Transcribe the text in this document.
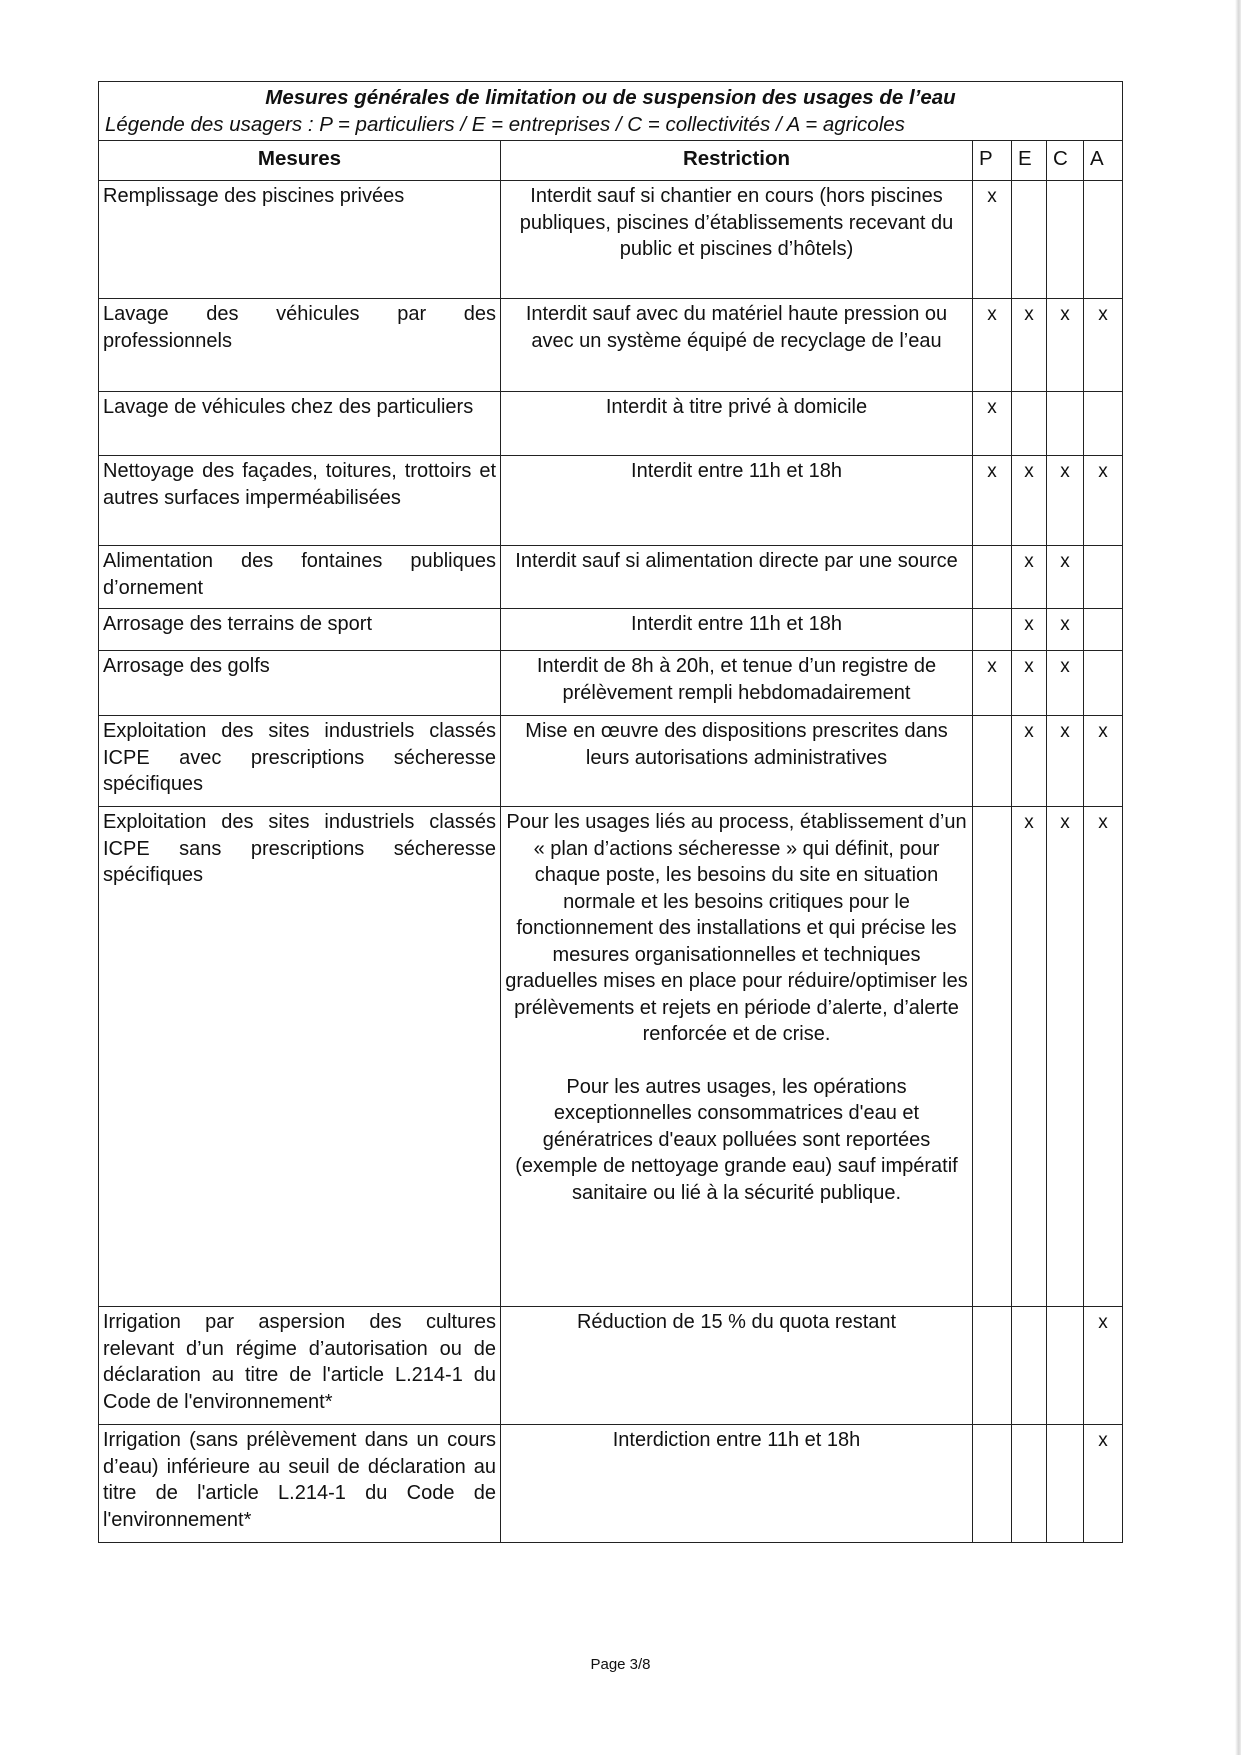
Mesures générales de limitation ou de suspension des usages de l’eau
Légende des usagers : P = particuliers / E = entreprises / C = collectivités / A = agricoles					

Mesures	Restriction	P	E	C	A
Remplissage des piscines privées	Interdit sauf si chantier en cours (hors piscines publiques, piscines d’établissements recevant du public et piscines d’hôtels)	x			
Lavage des véhicules par des professionnels	Interdit sauf avec du matériel haute pression ou avec un système équipé de recyclage de l’eau	x	x	x	x
Lavage de véhicules chez des particuliers	Interdit à titre privé à domicile	x			
Nettoyage des façades, toitures, trottoirs et autres surfaces imperméabilisées	Interdit entre 11h et 18h	x	x	x	x
Alimentation des fontaines publiques d’ornement	Interdit sauf si alimentation directe par une source		x	x	
Arrosage des terrains de sport	Interdit entre 11h et 18h		x	x	
Arrosage des golfs	Interdit de 8h à 20h, et tenue d’un registre de prélèvement rempli hebdomadairement	x	x	x	
Exploitation des sites industriels classés ICPE avec prescriptions sécheresse spécifiques	Mise en œuvre des dispositions prescrites dans leurs autorisations administratives		x	x	x
Exploitation des sites industriels classés ICPE sans prescriptions sécheresse spécifiques	Pour les usages liés au process, établissement d’un « plan d’actions sécheresse » qui définit, pour chaque poste, les besoins du site en situation normale et les besoins critiques pour le fonctionnement des installations et qui précise les mesures organisationnelles et techniques graduelles mises en place pour réduire/optimiser les prélèvements et rejets en période d’alerte, d’alerte renforcée et de crise.
Pour les autres usages, les opérations exceptionnelles consommatrices d'eau et génératrices d'eaux polluées sont reportées (exemple de nettoyage grande eau) sauf impératif sanitaire ou lié à la sécurité publique.		x	x	x
Irrigation par aspersion des cultures relevant d’un régime d’autorisation ou de déclaration au titre de l'article L.214-1 du Code de l'environnement*	Réduction de 15 % du quota restant				x
Irrigation (sans prélèvement dans un cours d’eau) inférieure au seuil de déclaration au titre de l'article L.214-1 du Code de l'environnement*	Interdiction entre 11h et 18h				x
Page 3/8
